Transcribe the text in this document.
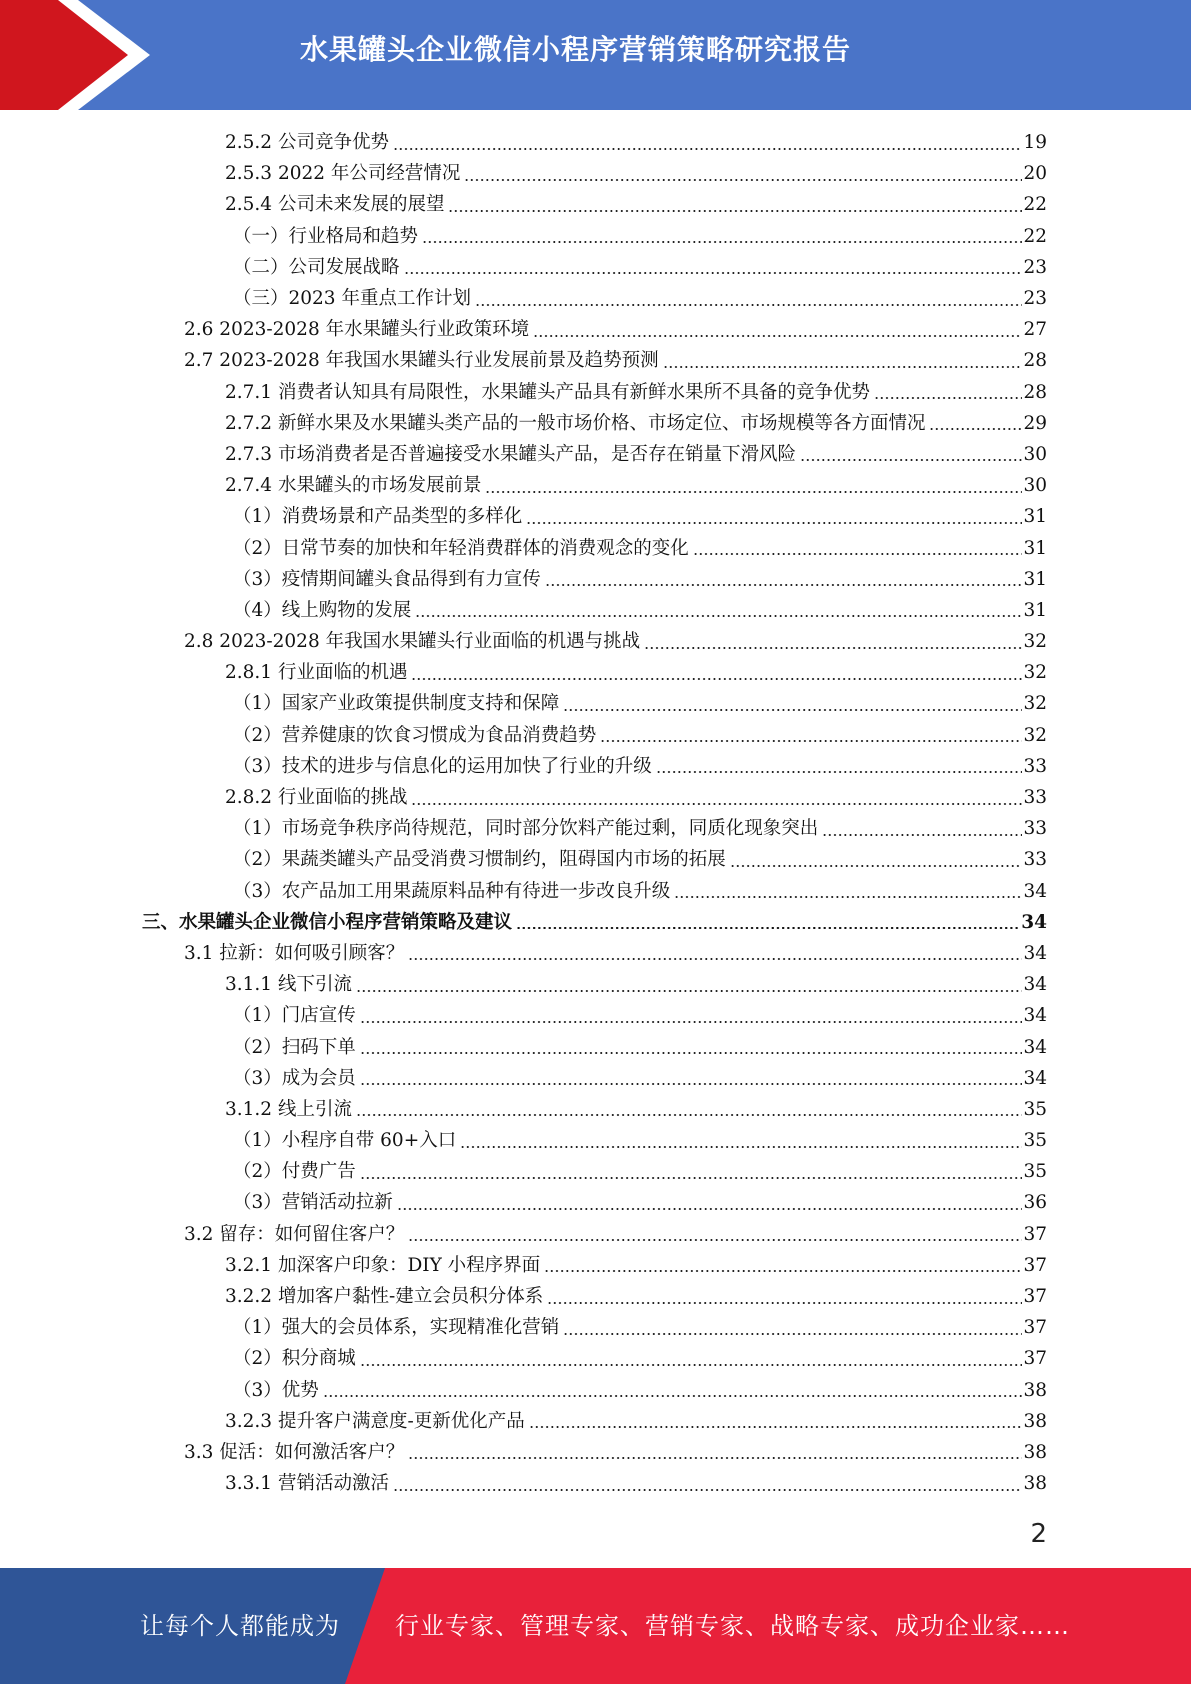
水果罐头企业微信小程序营销策略研究报告
2.5.2 公司竞争优势	19
2.5.3 2022 年公司经营情况	20
2.5.4 公司未来发展的展望	22
（一）行业格局和趋势	22
（二）公司发展战略	23
（三）2023 年重点工作计划	23
2.6 2023-2028 年水果罐头行业政策环境	27
2.7 2023-2028 年我国水果罐头行业发展前景及趋势预测	28
2.7.1 消费者认知具有局限性，水果罐头产品具有新鲜水果所不具备的竞争优势	28
2.7.2 新鲜水果及水果罐头类产品的一般市场价格、市场定位、市场规模等各方面情况	29
2.7.3 市场消费者是否普遍接受水果罐头产品，是否存在销量下滑风险	30
2.7.4 水果罐头的市场发展前景	30
（1）消费场景和产品类型的多样化	31
（2）日常节奏的加快和年轻消费群体的消费观念的变化	31
（3）疫情期间罐头食品得到有力宣传	31
（4）线上购物的发展	31
2.8 2023-2028 年我国水果罐头行业面临的机遇与挑战	32
2.8.1 行业面临的机遇	32
（1）国家产业政策提供制度支持和保障	32
（2）营养健康的饮食习惯成为食品消费趋势	32
（3）技术的进步与信息化的运用加快了行业的升级	33
2.8.2 行业面临的挑战	33
（1）市场竞争秩序尚待规范，同时部分饮料产能过剩，同质化现象突出	33
（2）果蔬类罐头产品受消费习惯制约，阻碍国内市场的拓展	33
（3）农产品加工用果蔬原料品种有待进一步改良升级	34
三、水果罐头企业微信小程序营销策略及建议	34
3.1 拉新：如何吸引顾客？	34
3.1.1 线下引流	34
（1）门店宣传	34
（2）扫码下单	34
（3）成为会员	34
3.1.2 线上引流	35
（1）小程序自带 60+入口	35
（2）付费广告	35
（3）营销活动拉新	36
3.2 留存：如何留住客户？	37
3.2.1 加深客户印象：DIY 小程序界面	37
3.2.2 增加客户黏性-建立会员积分体系	37
（1）强大的会员体系，实现精准化营销	37
（2）积分商城	37
（3）优势	38
3.2.3 提升客户满意度-更新优化产品	38
3.3 促活：如何激活客户？	38
3.3.1 营销活动激活	38
2
让每个人都能成为 行业专家、管理专家、营销专家、战略专家、成功企业家……
